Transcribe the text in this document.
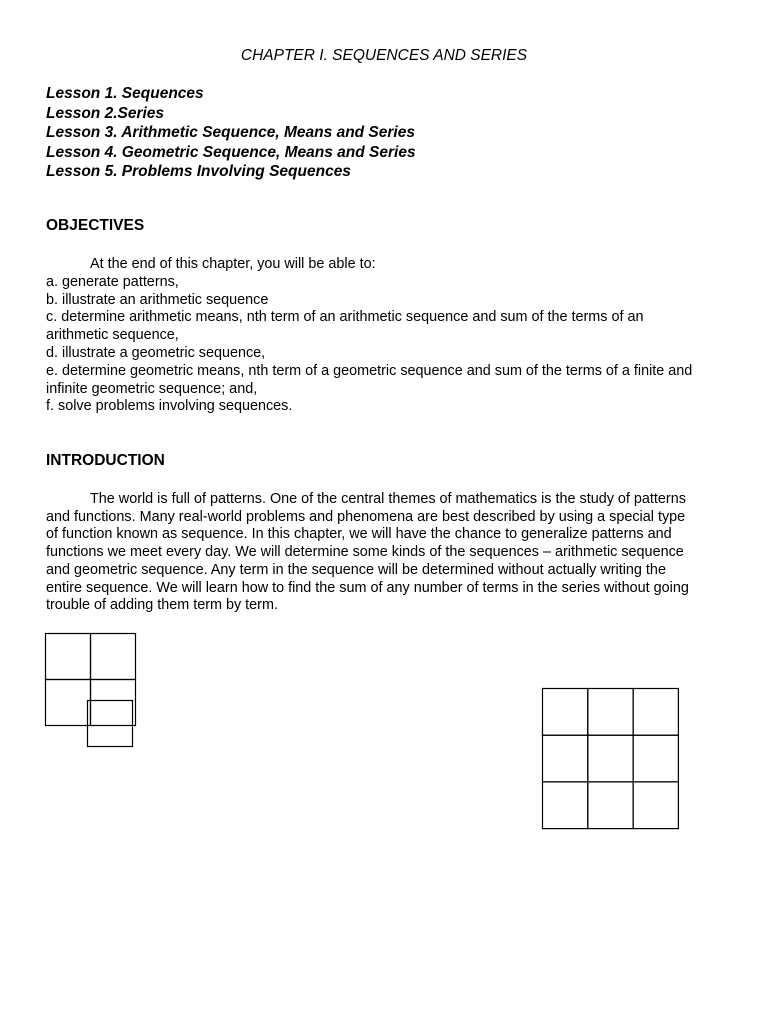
CHAPTER I. SEQUENCES AND SERIES
Lesson 1. Sequences
Lesson 2.Series
Lesson 3. Arithmetic Sequence, Means and Series
Lesson 4. Geometric Sequence, Means and Series
Lesson 5. Problems Involving Sequences
OBJECTIVES
At the end of this chapter, you will be able to:
a. generate patterns,
b. illustrate an arithmetic sequence
c. determine arithmetic means, nth term of an arithmetic sequence and sum of the terms of an
arithmetic sequence,
d. illustrate a geometric sequence,
e. determine geometric means, nth term of a geometric sequence and sum of the terms of a finite and
infinite geometric sequence; and,
f. solve problems involving sequences.
INTRODUCTION
The world is full of patterns. One of the central themes of mathematics is the study of patterns
and functions. Many real-world problems and phenomena are best described by using a special type
of function known as sequence. In this chapter, we will have the chance to generalize patterns and
functions we meet every day. We will determine some kinds of the sequences – arithmetic sequence
and geometric sequence. Any term in the sequence will be determined without actually writing the
entire sequence. We will learn how to find the sum of any number of terms in the series without going
trouble of adding them term by term.
